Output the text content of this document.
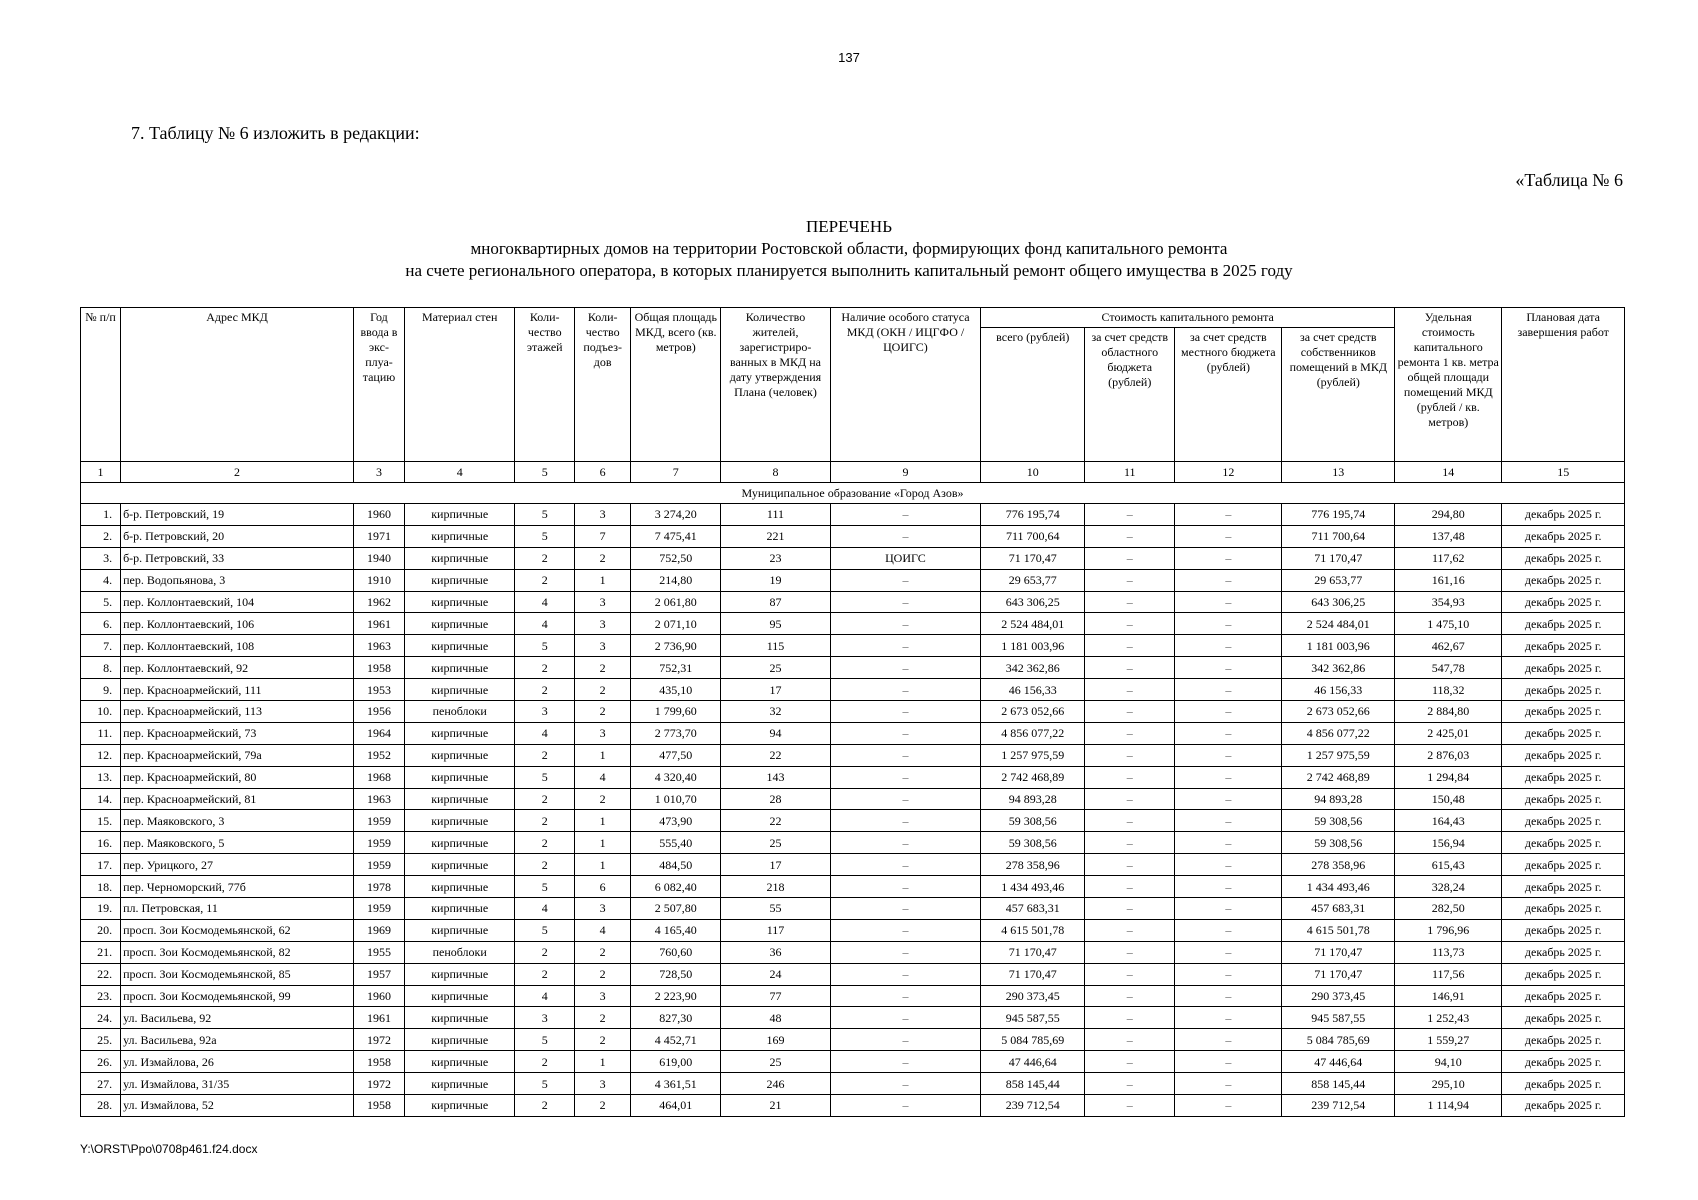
137
7. Таблицу № 6 изложить в редакции:
«Таблица № 6
ПЕРЕЧЕНЬ
многоквартирных домов на территории Ростовской области, формирующих фонд капитального ремонта
на счете регионального оператора, в которых планируется выполнить капитальный ремонт общего имущества в 2025 году
№ п/п	Адрес МКД	Год ввода в экс-плуа-тацию	Материал стен	Коли-чество этажей	Коли-чество подъез-дов	Общая площадь МКД, всего (кв. метров)	Количество жителей, зарегистриро-ванных в МКД на дату утверждения Плана (человек)	Наличие особого статуса МКД (ОКН / ИЦГФО / ЦОИГС)	Стоимость капитального ремонта				Удельная стоимость капитального ремонта 1 кв. метра общей площади помещений МКД (рублей / кв. метров)	Плановая дата завершения работ
									всего (рублей)	за счет средств областного бюджета (рублей)	за счет средств местного бюджета (рублей)	за счет средств собственников помещений в МКД (рублей)		
1	2	3	4	5	6	7	8	9	10	11	12	13	14	15
Муниципальное образование «Город Азов»														
1.	б-р. Петровский, 19	1960	кирпичные	5	3	3 274,20	111	–	776 195,74	–	–	776 195,74	294,80	декабрь 2025 г.
2.	б-р. Петровский, 20	1971	кирпичные	5	7	7 475,41	221	–	711 700,64	–	–	711 700,64	137,48	декабрь 2025 г.
3.	б-р. Петровский, 33	1940	кирпичные	2	2	752,50	23	ЦОИГС	71 170,47	–	–	71 170,47	117,62	декабрь 2025 г.
4.	пер. Водопьянова, 3	1910	кирпичные	2	1	214,80	19	–	29 653,77	–	–	29 653,77	161,16	декабрь 2025 г.
5.	пер. Коллонтаевский, 104	1962	кирпичные	4	3	2 061,80	87	–	643 306,25	–	–	643 306,25	354,93	декабрь 2025 г.
6.	пер. Коллонтаевский, 106	1961	кирпичные	4	3	2 071,10	95	–	2 524 484,01	–	–	2 524 484,01	1 475,10	декабрь 2025 г.
7.	пер. Коллонтаевский, 108	1963	кирпичные	5	3	2 736,90	115	–	1 181 003,96	–	–	1 181 003,96	462,67	декабрь 2025 г.
8.	пер. Коллонтаевский, 92	1958	кирпичные	2	2	752,31	25	–	342 362,86	–	–	342 362,86	547,78	декабрь 2025 г.
9.	пер. Красноармейский, 111	1953	кирпичные	2	2	435,10	17	–	46 156,33	–	–	46 156,33	118,32	декабрь 2025 г.
10.	пер. Красноармейский, 113	1956	пеноблоки	3	2	1 799,60	32	–	2 673 052,66	–	–	2 673 052,66	2 884,80	декабрь 2025 г.
11.	пер. Красноармейский, 73	1964	кирпичные	4	3	2 773,70	94	–	4 856 077,22	–	–	4 856 077,22	2 425,01	декабрь 2025 г.
12.	пер. Красноармейский, 79а	1952	кирпичные	2	1	477,50	22	–	1 257 975,59	–	–	1 257 975,59	2 876,03	декабрь 2025 г.
13.	пер. Красноармейский, 80	1968	кирпичные	5	4	4 320,40	143	–	2 742 468,89	–	–	2 742 468,89	1 294,84	декабрь 2025 г.
14.	пер. Красноармейский, 81	1963	кирпичные	2	2	1 010,70	28	–	94 893,28	–	–	94 893,28	150,48	декабрь 2025 г.
15.	пер. Маяковского, 3	1959	кирпичные	2	1	473,90	22	–	59 308,56	–	–	59 308,56	164,43	декабрь 2025 г.
16.	пер. Маяковского, 5	1959	кирпичные	2	1	555,40	25	–	59 308,56	–	–	59 308,56	156,94	декабрь 2025 г.
17.	пер. Урицкого, 27	1959	кирпичные	2	1	484,50	17	–	278 358,96	–	–	278 358,96	615,43	декабрь 2025 г.
18.	пер. Черноморский, 77б	1978	кирпичные	5	6	6 082,40	218	–	1 434 493,46	–	–	1 434 493,46	328,24	декабрь 2025 г.
19.	пл. Петровская, 11	1959	кирпичные	4	3	2 507,80	55	–	457 683,31	–	–	457 683,31	282,50	декабрь 2025 г.
20.	просп. Зои Космодемьянской, 62	1969	кирпичные	5	4	4 165,40	117	–	4 615 501,78	–	–	4 615 501,78	1 796,96	декабрь 2025 г.
21.	просп. Зои Космодемьянской, 82	1955	пеноблоки	2	2	760,60	36	–	71 170,47	–	–	71 170,47	113,73	декабрь 2025 г.
22.	просп. Зои Космодемьянской, 85	1957	кирпичные	2	2	728,50	24	–	71 170,47	–	–	71 170,47	117,56	декабрь 2025 г.
23.	просп. Зои Космодемьянской, 99	1960	кирпичные	4	3	2 223,90	77	–	290 373,45	–	–	290 373,45	146,91	декабрь 2025 г.
24.	ул. Васильева, 92	1961	кирпичные	3	2	827,30	48	–	945 587,55	–	–	945 587,55	1 252,43	декабрь 2025 г.
25.	ул. Васильева, 92а	1972	кирпичные	5	2	4 452,71	169	–	5 084 785,69	–	–	5 084 785,69	1 559,27	декабрь 2025 г.
26.	ул. Измайлова, 26	1958	кирпичные	2	1	619,00	25	–	47 446,64	–	–	47 446,64	94,10	декабрь 2025 г.
27.	ул. Измайлова, 31/35	1972	кирпичные	5	3	4 361,51	246	–	858 145,44	–	–	858 145,44	295,10	декабрь 2025 г.
28.	ул. Измайлова, 52	1958	кирпичные	2	2	464,01	21	–	239 712,54	–	–	239 712,54	1 114,94	декабрь 2025 г.
Y:\ORST\Ppo\0708p461.f24.docx
